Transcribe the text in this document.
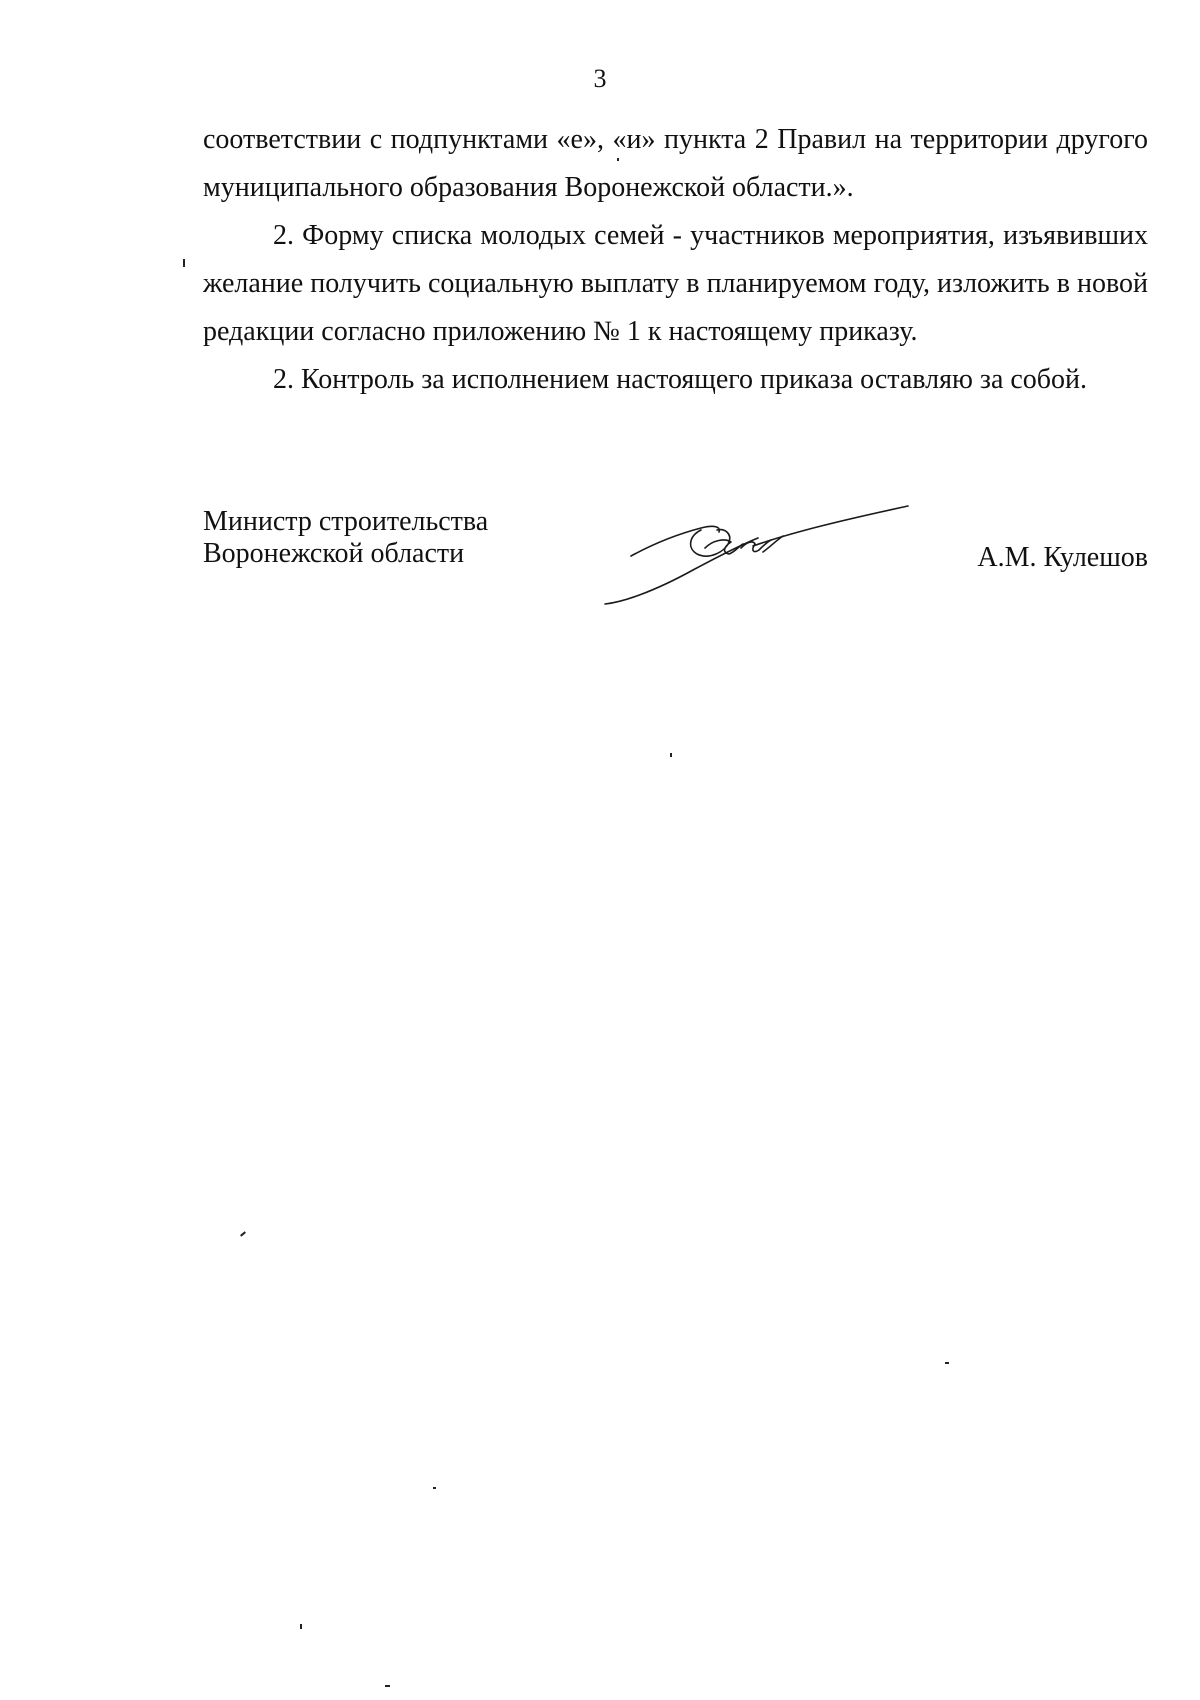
3

соответствии с подпунктами «е», «и» пункта 2 Правил на территории другого муниципального образования Воронежской области.».

2. Форму списка молодых семей - участников мероприятия, изъявивших желание получить социальную выплату в планируемом году, изложить в новой редакции согласно приложению № 1 к настоящему приказу.

2. Контроль за исполнением настоящего приказа оставляю за собой.

Министр строительства
Воронежской области	А.М. Кулешов
